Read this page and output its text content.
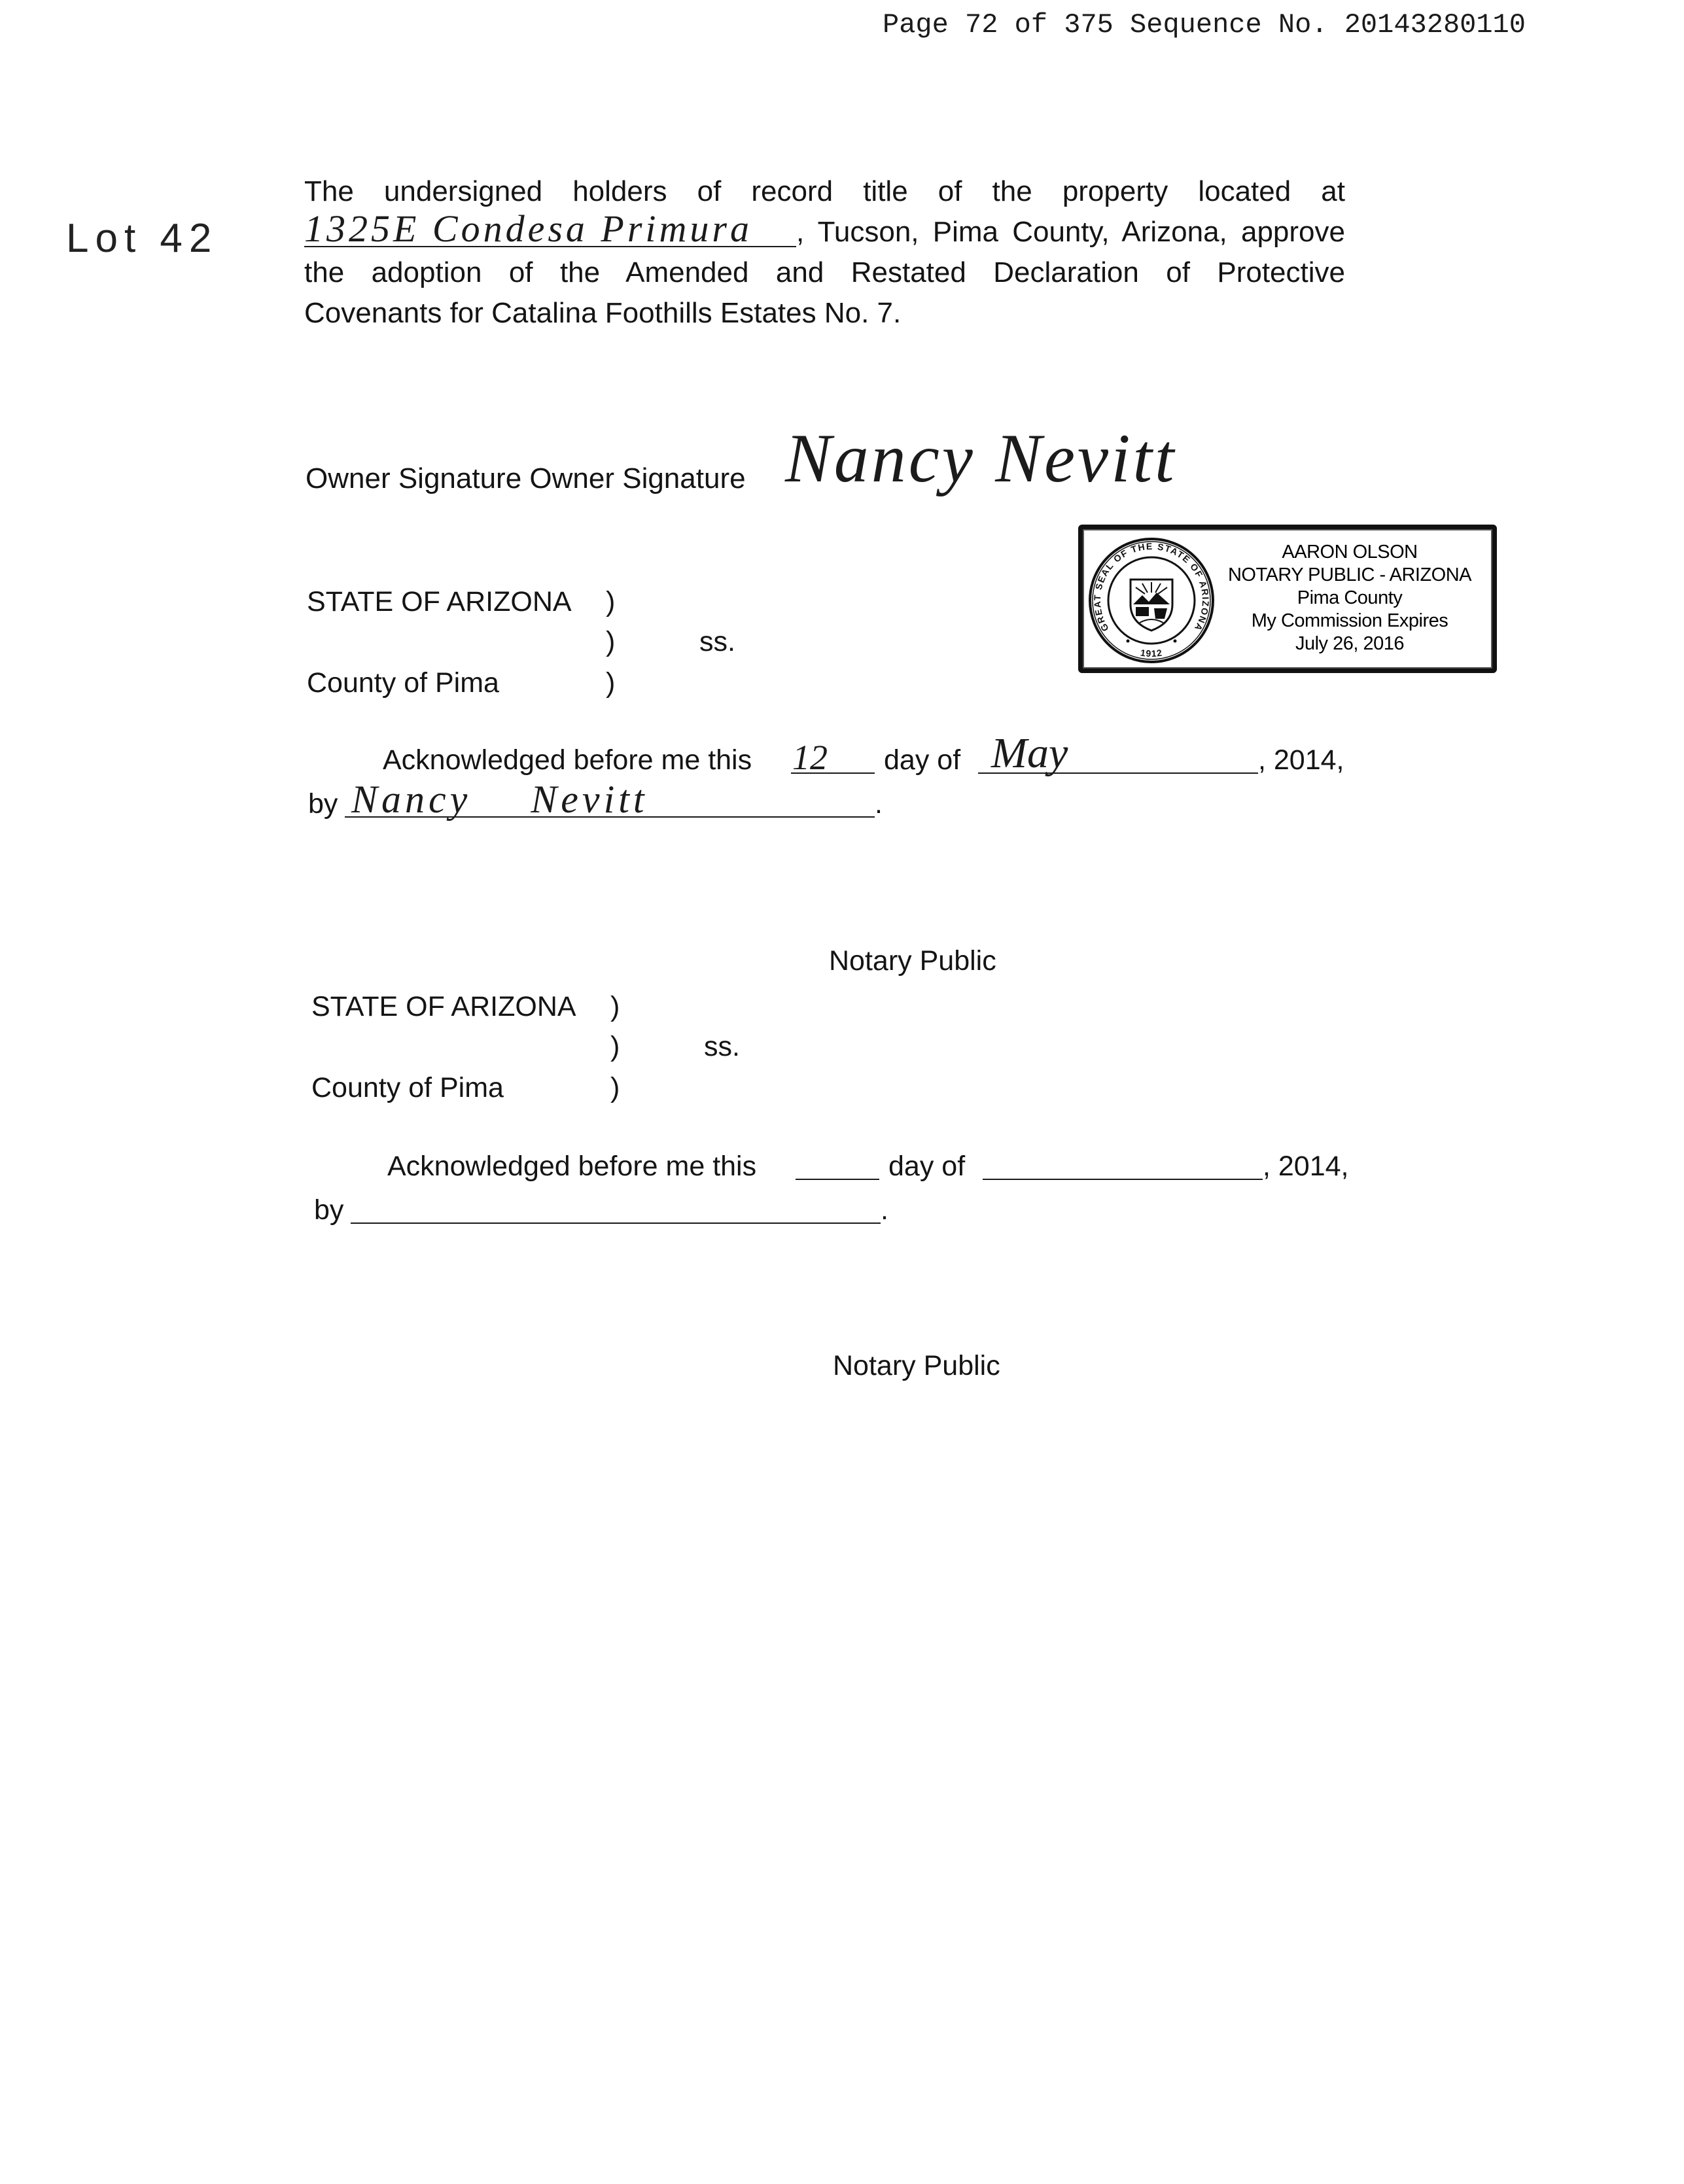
Page 72 of 375 Sequence No. 20143280110
Lot 42
The undersigned holders of record title of the property located at
1325E Condesa Primura , Tucson, Pima County, Arizona, approve
the adoption of the Amended and Restated Declaration of Protective
Covenants for Catalina Foothills Estates No. 7.
Owner Signature Owner Signature Nancy Nevitt
GREAT SEAL OF THE STATE OF ARIZONA
1912
AARON OLSON
NOTARY PUBLIC - ARIZONA
Pima County
My Commission Expires
July 26, 2016
STATE OF ARIZONA )
)	ss.
County of Pima	)
Acknowledged before me this 12 day of May	, 2014,
by Nancy Nevitt	.
Notary Public
STATE OF ARIZONA )
)	ss.
County of Pima	)
Acknowledged before me this	day of	, 2014,
by	.
Notary Public
